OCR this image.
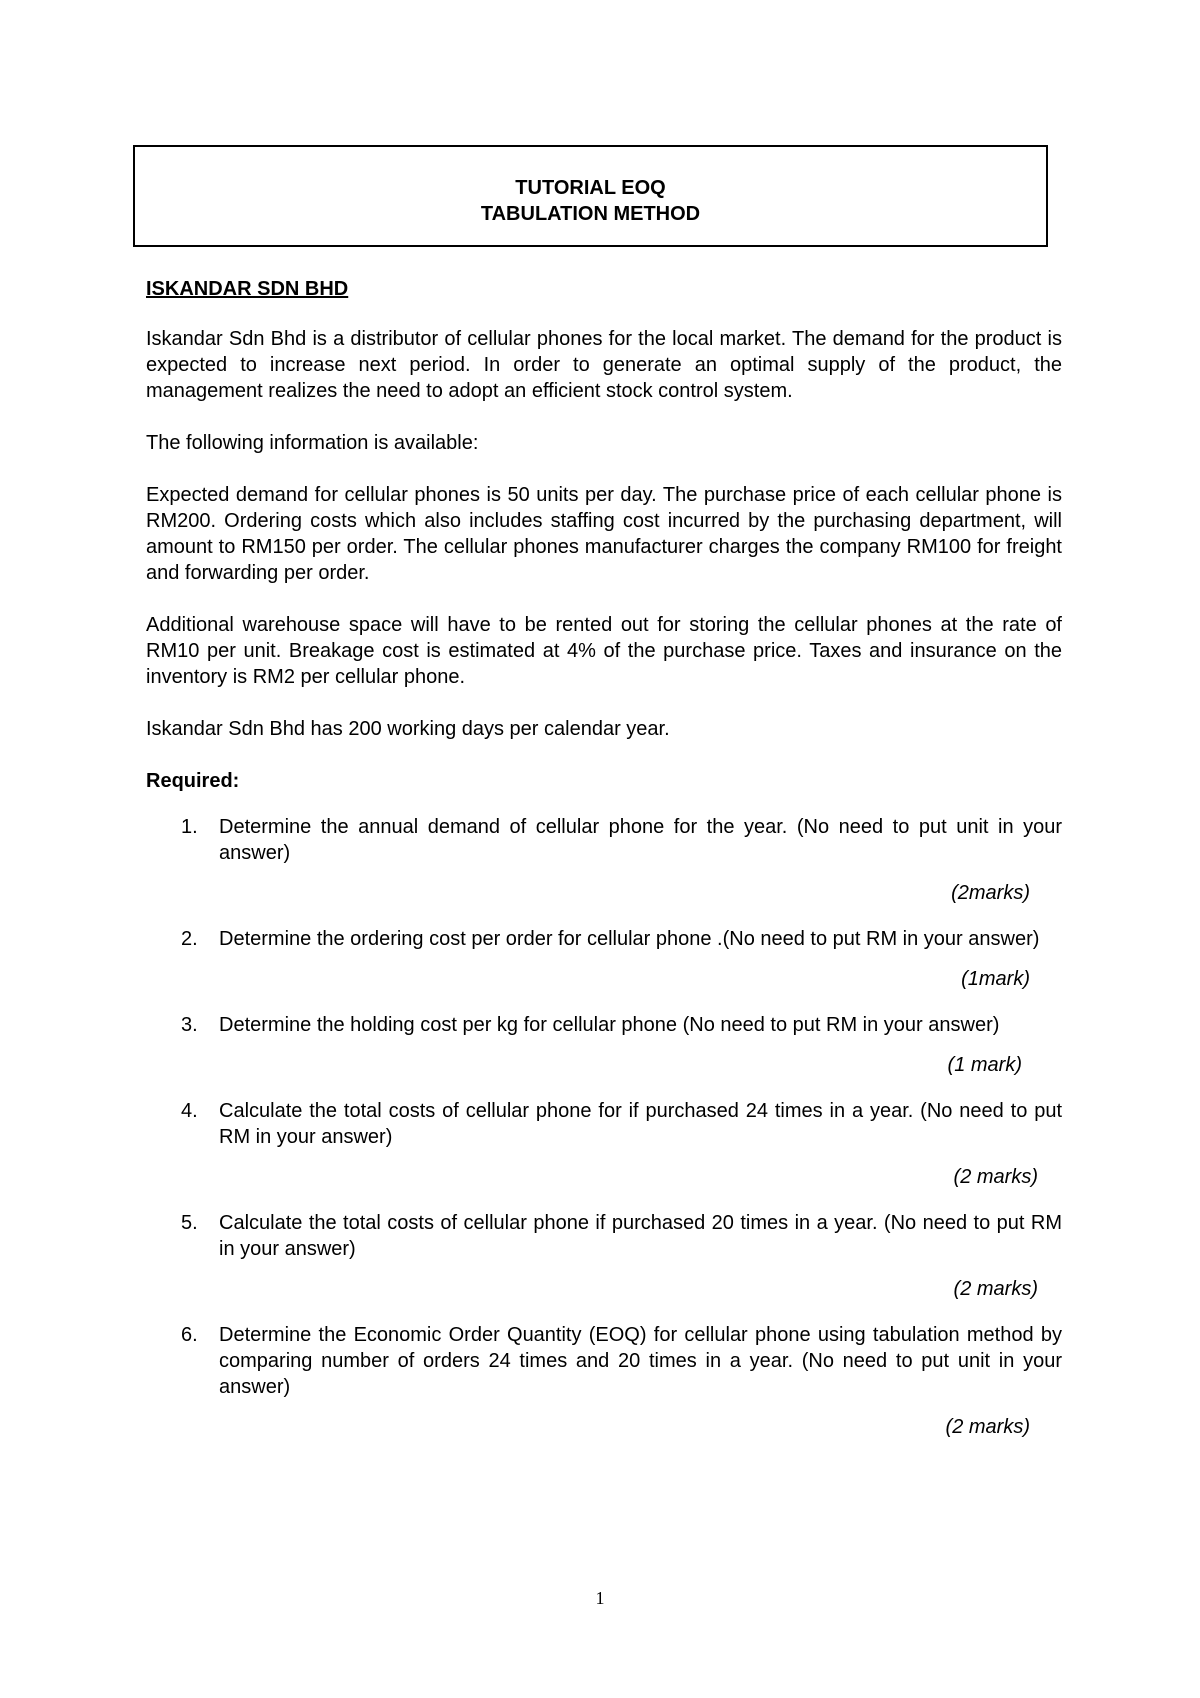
TUTORIAL EOQ
TABULATION METHOD
ISKANDAR SDN BHD
Iskandar Sdn Bhd is a distributor of cellular phones for the local market. The demand for the product is expected to increase next period. In order to generate an optimal supply of the product, the management realizes the need to adopt an efficient stock control system.
The following information is available:
Expected demand for cellular phones is 50 units per day. The purchase price of each cellular phone is RM200. Ordering costs which also includes staffing cost incurred by the purchasing department, will amount to RM150 per order. The cellular phones manufacturer charges the company RM100 for freight and forwarding per order.
Additional warehouse space will have to be rented out for storing the cellular phones at the rate of RM10 per unit. Breakage cost is estimated at 4% of the purchase price. Taxes and insurance on the inventory is RM2 per cellular phone.
Iskandar Sdn Bhd has 200 working days per calendar year.
Required:
1. Determine the annual demand of cellular phone for the year. (No need to put unit in your answer)
(2marks)
2. Determine the ordering cost per order for cellular phone .(No need to put RM in your answer)
(1mark)
3. Determine the holding cost per kg for cellular phone (No need to put RM in your answer)
(1 mark)
4. Calculate the total costs of cellular phone for if purchased 24 times in a year. (No need to put RM in your answer)
(2 marks)
5. Calculate the total costs of cellular phone if purchased 20 times in a year. (No need to put RM in your answer)
(2 marks)
6. Determine the Economic Order Quantity (EOQ) for cellular phone using tabulation method by comparing number of orders 24 times and 20 times in a year. (No need to put unit in your answer)
(2 marks)
1
